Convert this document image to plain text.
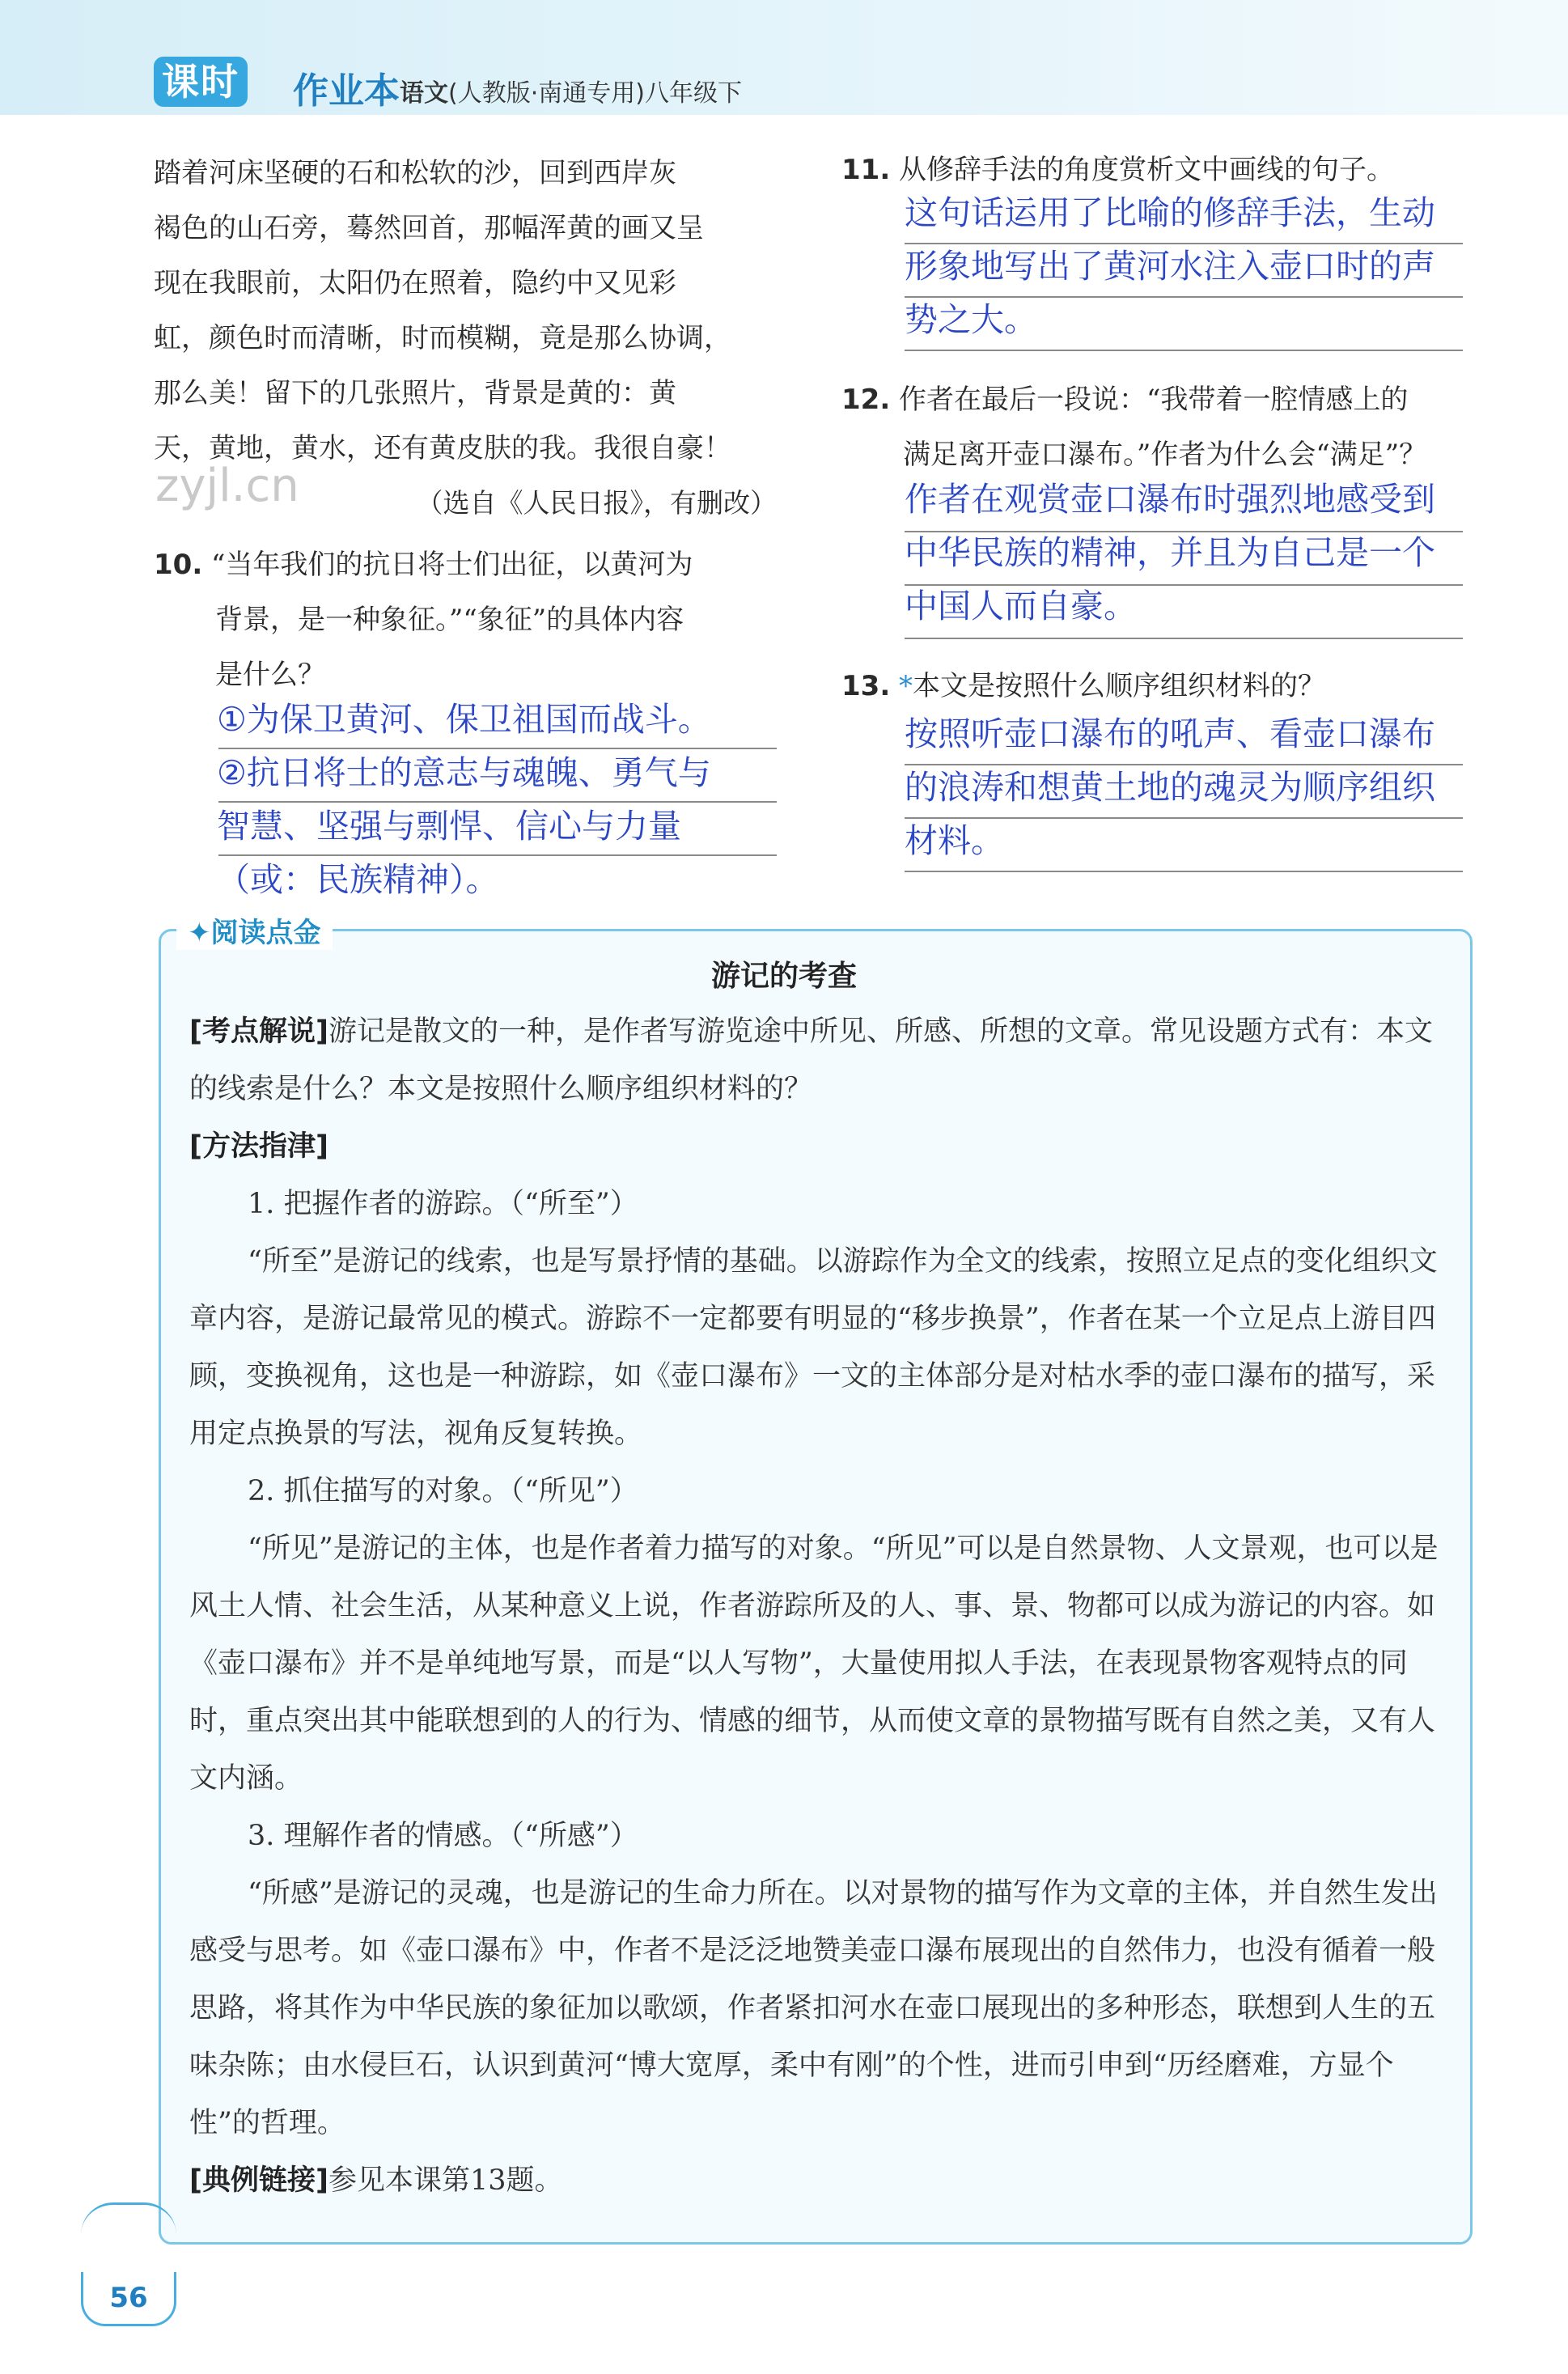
课时 作业本 语文(人教版·南通专用)八年级下
踏着河床坚硬的石和松软的沙，回到西岸灰
褐色的山石旁，蓦然回首，那幅浑黄的画又呈
现在我眼前，太阳仍在照着，隐约中又见彩
虹，颜色时而清晰，时而模糊，竟是那么协调，
那么美！留下的几张照片，背景是黄的：黄
天，黄地，黄水，还有黄皮肤的我。我很自豪！
（选自《人民日报》，有删改）
zyjl.cn
10. “当年我们的抗日将士们出征，以黄河为
背景，是一种象征。”“象征”的具体内容
是什么？
①为保卫黄河、保卫祖国而战斗。
②抗日将士的意志与魂魄、勇气与
智慧、坚强与剽悍、信心与力量
（或：民族精神）。
11. 从修辞手法的角度赏析文中画线的句子。
这句话运用了比喻的修辞手法，生动
形象地写出了黄河水注入壶口时的声
势之大。
12. 作者在最后一段说：“我带着一腔情感上的
满足离开壶口瀑布。”作者为什么会“满足”？
作者在观赏壶口瀑布时强烈地感受到
中华民族的精神，并且为自己是一个
中国人而自豪。
13. *本文是按照什么顺序组织材料的？
按照听壶口瀑布的吼声、看壶口瀑布
的浪涛和想黄土地的魂灵为顺序组织
材料。
✦阅读点金
游记的考查

[考点解说]游记是散文的一种，是作者写游览途中所见、所感、所想的文章。常见设题方式有：本文的线索是什么？本文是按照什么顺序组织材料的？

[方法指津]

1. 把握作者的游踪。（“所至”）

“所至”是游记的线索，也是写景抒情的基础。以游踪作为全文的线索，按照立足点的变化组织文章内容，是游记最常见的模式。游踪不一定都要有明显的“移步换景”，作者在某一个立足点上游目四顾，变换视角，这也是一种游踪，如《壶口瀑布》一文的主体部分是对枯水季的壶口瀑布的描写，采用定点换景的写法，视角反复转换。

2. 抓住描写的对象。（“所见”）

“所见”是游记的主体，也是作者着力描写的对象。“所见”可以是自然景物、人文景观，也可以是风土人情、社会生活，从某种意义上说，作者游踪所及的人、事、景、物都可以成为游记的内容。如《壶口瀑布》并不是单纯地写景，而是“以人写物”，大量使用拟人手法，在表现景物客观特点的同时，重点突出其中能联想到的人的行为、情感的细节，从而使文章的景物描写既有自然之美，又有人文内涵。

3. 理解作者的情感。（“所感”）

“所感”是游记的灵魂，也是游记的生命力所在。以对景物的描写作为文章的主体，并自然生发出感受与思考。如《壶口瀑布》中，作者不是泛泛地赞美壶口瀑布展现出的自然伟力，也没有循着一般思路，将其作为中华民族的象征加以歌颂，作者紧扣河水在壶口展现出的多种形态，联想到人生的五味杂陈；由水侵巨石，认识到黄河“博大宽厚，柔中有刚”的个性，进而引申到“历经磨难，方显个性”的哲理。

[典例链接]参见本课第13题。

56
